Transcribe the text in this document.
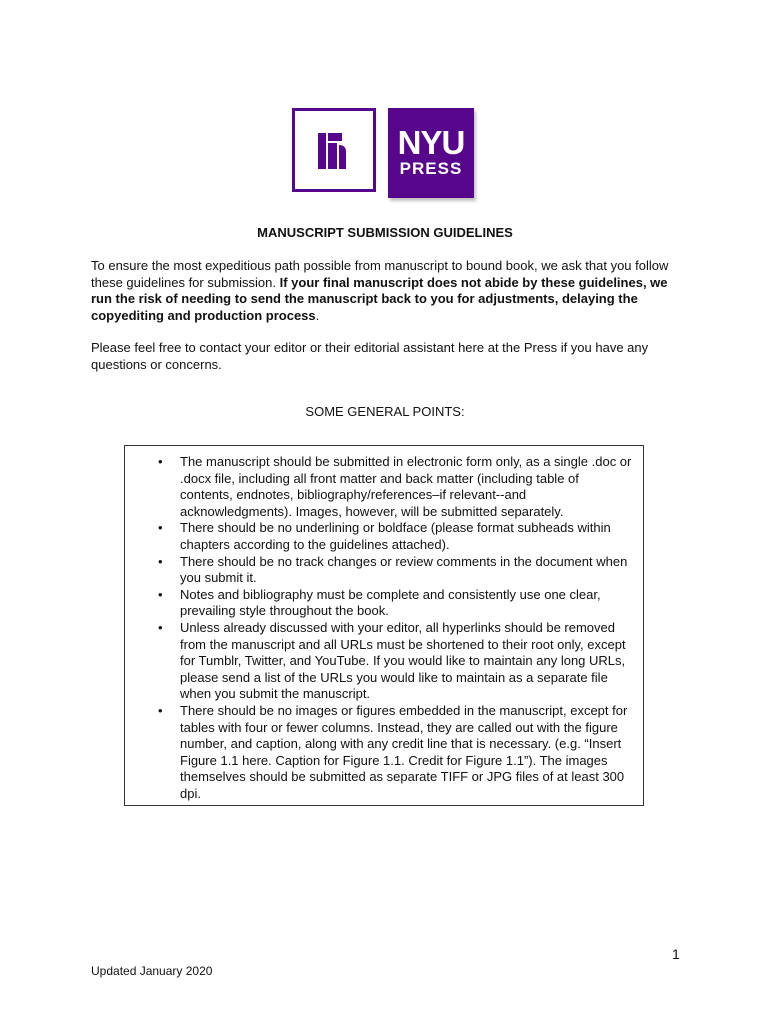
NYU
PRESS
MANUSCRIPT SUBMISSION GUIDELINES

To ensure the most expeditious path possible from manuscript to bound book, we ask that you follow these guidelines for submission. If your final manuscript does not abide by these guidelines, we run the risk of needing to send the manuscript back to you for adjustments, delaying the copyediting and production process.

Please feel free to contact your editor or their editorial assistant here at the Press if you have any questions or concerns.

SOME GENERAL POINTS:

• The manuscript should be submitted in electronic form only, as a single .doc or .docx file, including all front matter and back matter (including table of contents, endnotes, bibliography/references–if relevant--and acknowledgments). Images, however, will be submitted separately.
• There should be no underlining or boldface (please format subheads within chapters according to the guidelines attached).
• There should be no track changes or review comments in the document when you submit it.
• Notes and bibliography must be complete and consistently use one clear, prevailing style throughout the book.
• Unless already discussed with your editor, all hyperlinks should be removed from the manuscript and all URLs must be shortened to their root only, except for Tumblr, Twitter, and YouTube. If you would like to maintain any long URLs, please send a list of the URLs you would like to maintain as a separate file when you submit the manuscript.
• There should be no images or figures embedded in the manuscript, except for tables with four or fewer columns. Instead, they are called out with the figure number, and caption, along with any credit line that is necessary. (e.g. “Insert Figure 1.1 here. Caption for Figure 1.1. Credit for Figure 1.1”). The images themselves should be submitted as separate TIFF or JPG files of at least 300 dpi.

1

Updated January 2020
